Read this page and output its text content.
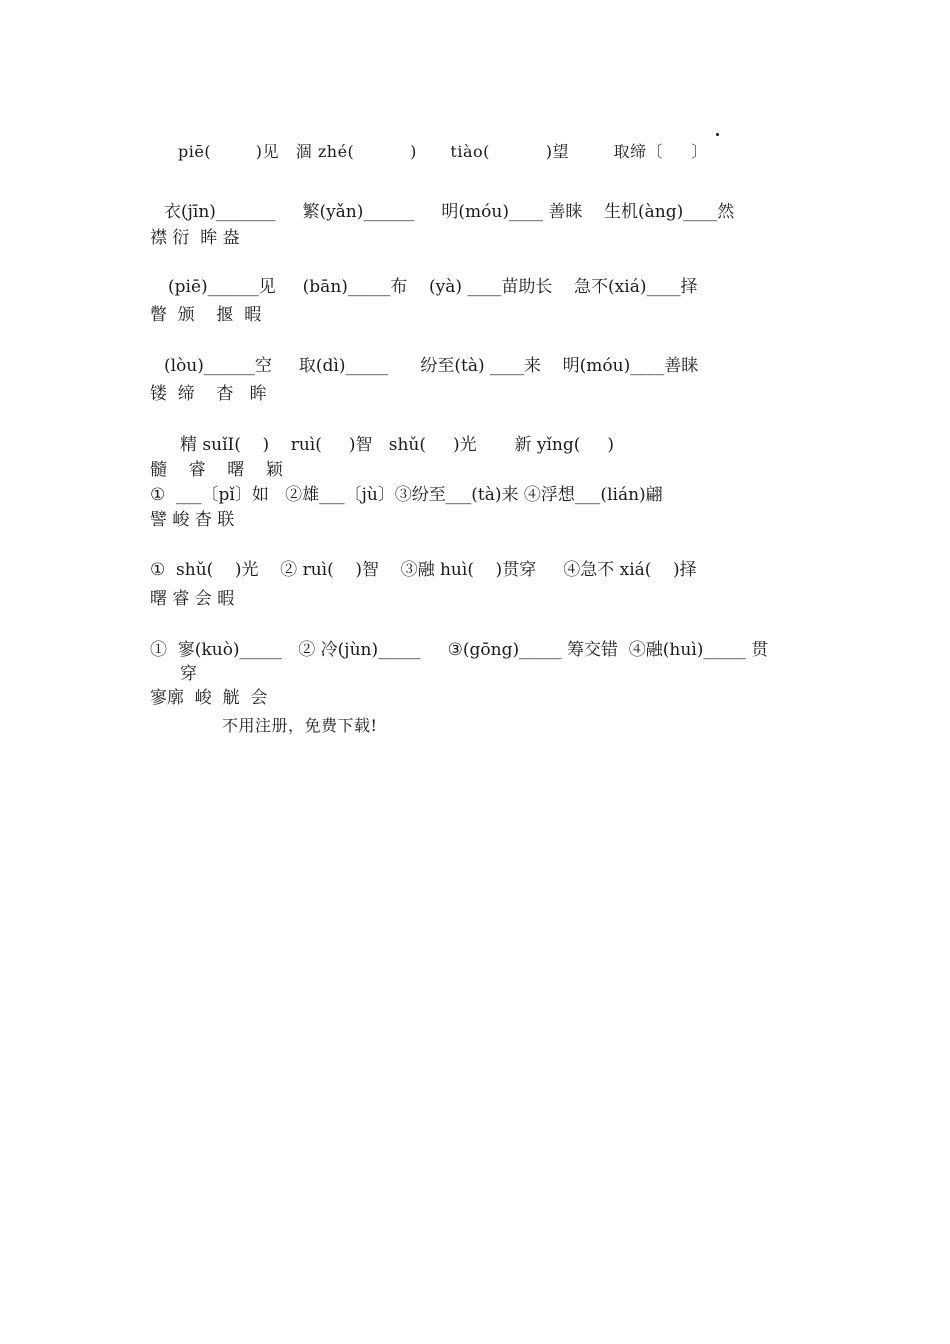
piē(        )见   涸 zhé(          )      tiào(          )望        取缔〔     〕
衣(jīn)_______     繁(yǎn)______     明(móu)____ 善睐    生机(àng)____然
襟 衍  眸 盎
(piē)______见     (bān)_____布    (yà) ____苗助长    急不(xiá)____择
瞥  颁    揠  暇
(lòu)______空     取(dì)_____      纷至(tà) ____来    明(móu)____善睐
镂  缔    杳   眸
精 suǐI(    )    ruì(     )智   shǔ(     )光       新 yǐng(     )
髓    睿    曙    颖
①  ___〔pǐ〕如   ②雄___〔jù〕③纷至___(tà)来 ④浮想___(lián)翩
譬 峻 杳 联
①  shǔ(    )光    ② ruì(    )智    ③融 huì(    )贯穿     ④急不 xiá(    )择
曙 睿 会 暇
①  寥(kuò)_____   ② 冷(jùn)_____     ③(gōng)_____ 筹交错  ④融(huì)_____ 贯
穿
寥廓  峻  觥  会
不用注册，免费下载!
